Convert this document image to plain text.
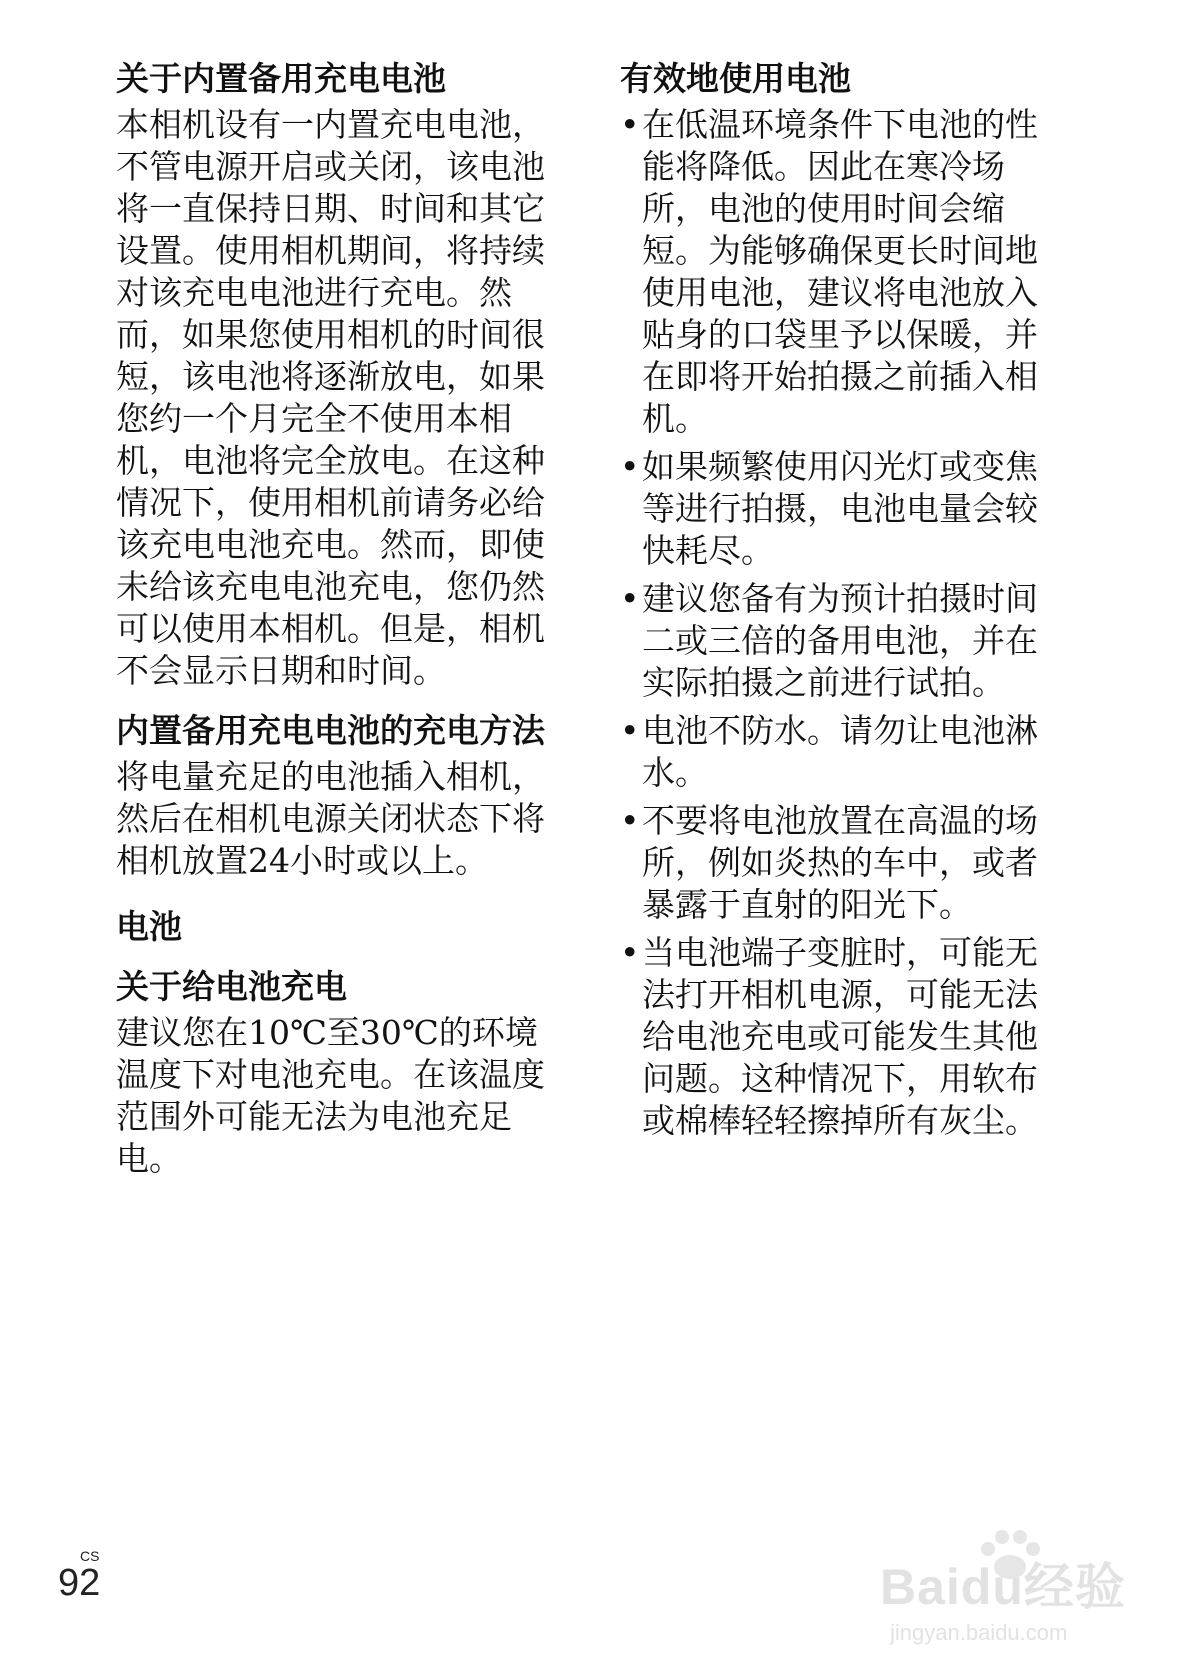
关于内置备用充电电池

本相机设有一内置充电电池，不管电源开启或关闭，该电池将一直保持日期、时间和其它设置。使用相机期间，将持续对该充电电池进行充电。然而，如果您使用相机的时间很短，该电池将逐渐放电，如果您约一个月完全不使用本相机，电池将完全放电。在这种情况下，使用相机前请务必给该充电电池充电。然而，即使未给该充电电池充电，您仍然可以使用本相机。但是，相机不会显示日期和时间。

内置备用充电电池的充电方法

将电量充足的电池插入相机，然后在相机电源关闭状态下将相机放置24小时或以上。

电池
关于给电池充电

建议您在10℃至30℃的环境温度下对电池充电。在该温度范围外可能无法为电池充足电。

有效地使用电池
• 在低温环境条件下电池的性能将降低。因此在寒冷场所，电池的使用时间会缩短。为能够确保更长时间地使用电池，建议将电池放入贴身的口袋里予以保暖，并在即将开始拍摄之前插入相机。
• 如果频繁使用闪光灯或变焦等进行拍摄，电池电量会较快耗尽。
• 建议您备有为预计拍摄时间二或三倍的备用电池，并在实际拍摄之前进行试拍。
• 电池不防水。请勿让电池淋水。
• 不要将电池放置在高温的场所，例如炎热的车中，或者暴露于直射的阳光下。
• 当电池端子变脏时，可能无法打开相机电源，可能无法给电池充电或可能发生其他问题。这种情况下，用软布或棉棒轻轻擦掉所有灰尘。
CS
92	Baidu经验
jingyan.baidu.com
